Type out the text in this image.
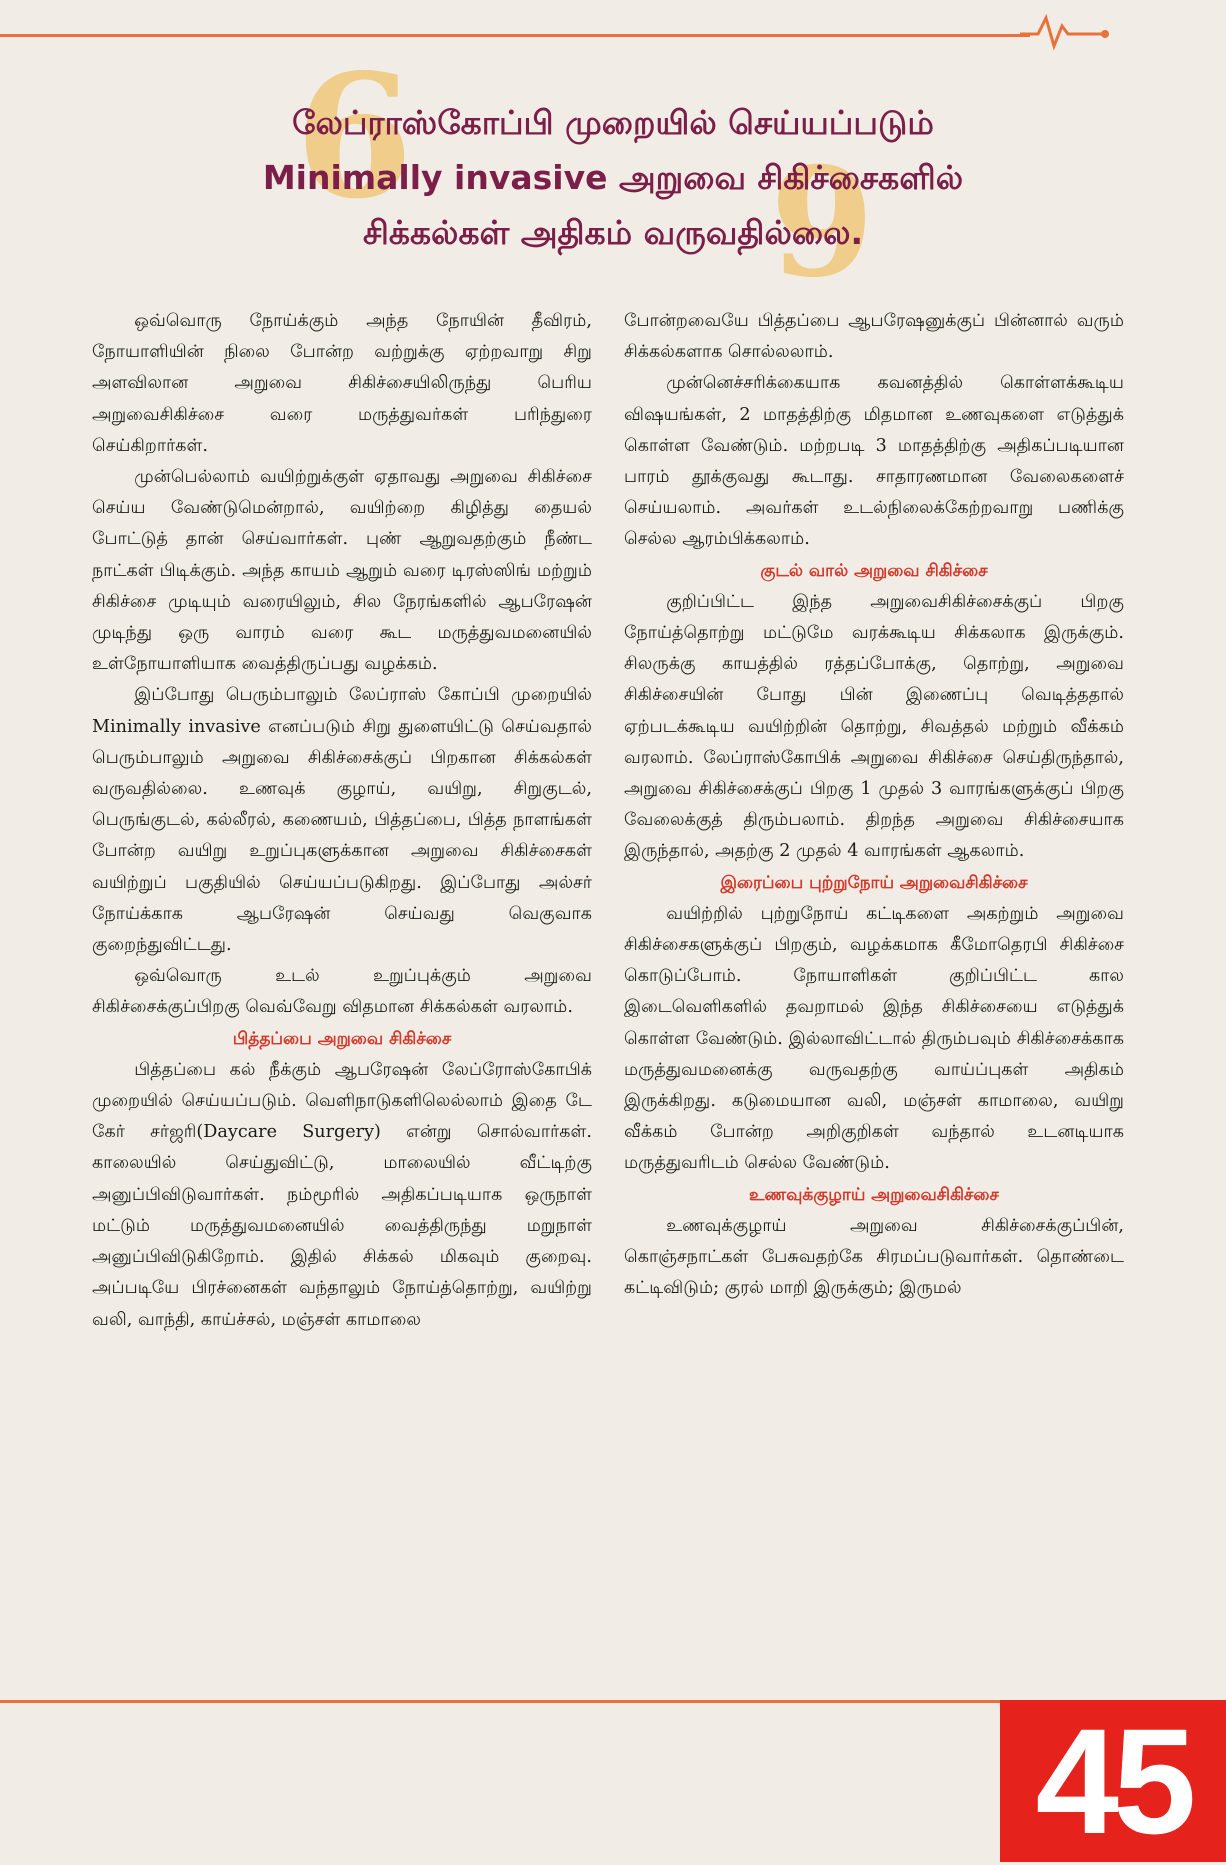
6 9
லேப்ராஸ்கோப்பி முறையில் செய்யப்படும்
Minimally invasive அறுவை சிகிச்சைகளில்
சிக்கல்கள் அதிகம் வருவதில்லை.

ஒவ்வொரு நோய்க்கும் அந்த நோயின் தீவிரம், நோயாளியின் நிலை போன்ற வற்றுக்கு ஏற்றவாறு சிறு அளவிலான அறுவை சிகிச்சையிலிருந்து பெரிய அறுவைசிகிச்சை வரை மருத்துவர்கள் பரிந்துரை செய்கிறார்கள்.

முன்பெல்லாம் வயிற்றுக்குள் ஏதாவது அறுவை சிகிச்சை செய்ய வேண்டுமென்றால், வயிற்றை கிழித்து தையல் போட்டுத் தான் செய்வார்கள். புண் ஆறுவதற்கும் நீண்ட நாட்கள் பிடிக்கும். அந்த காயம் ஆறும் வரை டிரஸ்ஸிங் மற்றும் சிகிச்சை முடியும் வரையிலும், சில நேரங்களில் ஆபரேஷன் முடிந்து ஒரு வாரம் வரை கூட மருத்துவமனையில் உள்நோயாளியாக வைத்திருப்பது வழக்கம்.

இப்போது பெரும்பாலும் லேப்ராஸ் கோப்பி முறையில் Minimally invasive எனப்படும் சிறு துளையிட்டு செய்வதால் பெரும்பாலும் அறுவை சிகிச்சைக்குப் பிறகான சிக்கல்கள் வருவதில்லை. உணவுக் குழாய், வயிறு, சிறுகுடல், பெருங்குடல், கல்லீரல், கணையம், பித்தப்பை, பித்த நாளங்கள் போன்ற வயிறு உறுப்புகளுக்கான அறுவை சிகிச்சைகள் வயிற்றுப் பகுதியில் செய்யப்படுகிறது. இப்போது அல்சர் நோய்க்காக ஆபரேஷன் செய்வது வெகுவாக குறைந்துவிட்டது.

ஒவ்வொரு உடல் உறுப்புக்கும் அறுவை சிகிச்சைக்குப்பிறகு வெவ்வேறு விதமான சிக்கல்கள் வரலாம்.

பித்தப்பை அறுவை சிகிச்சை

பித்தப்பை கல் நீக்கும் ஆபரேஷன் லேப்ரோஸ்கோபிக் முறையில் செய்யப்படும். வெளிநாடுகளிலெல்லாம் இதை டே கேர் சர்ஜரி(Daycare Surgery) என்று சொல்வார்கள். காலையில் செய்துவிட்டு, மாலையில் வீட்டிற்கு அனுப்பிவிடுவார்கள். நம்மூரில் அதிகப்படியாக ஒருநாள் மட்டும் மருத்துவமனையில் வைத்திருந்து மறுநாள் அனுப்பிவிடுகிறோம். இதில் சிக்கல் மிகவும் குறைவு. அப்படியே பிரச்னைகள் வந்தாலும் நோய்த்தொற்று, வயிற்று வலி, வாந்தி, காய்ச்சல், மஞ்சள் காமாலை

போன்றவையே பித்தப்பை ஆபரேஷனுக்குப் பின்னால் வரும் சிக்கல்களாக சொல்லலாம்.

முன்னெச்சரிக்கையாக கவனத்தில் கொள்ளக்கூடிய விஷயங்கள், 2 மாதத்திற்கு மிதமான உணவுகளை எடுத்துக் கொள்ள வேண்டும். மற்றபடி 3 மாதத்திற்கு அதிகப்படியான பாரம் தூக்குவது கூடாது. சாதாரணமான வேலைகளைச் செய்யலாம். அவர்கள் உடல்நிலைக்கேற்றவாறு பணிக்கு செல்ல ஆரம்பிக்கலாம்.

குடல் வால் அறுவை சிகிச்சை

குறிப்பிட்ட இந்த அறுவைசிகிச்சைக்குப் பிறகு நோய்த்தொற்று மட்டுமே வரக்கூடிய சிக்கலாக இருக்கும். சிலருக்கு காயத்தில் ரத்தப்போக்கு, தொற்று, அறுவை சிகிச்சையின் போது பின் இணைப்பு வெடித்ததால் ஏற்படக்கூடிய வயிற்றின் தொற்று, சிவத்தல் மற்றும் வீக்கம் வரலாம். லேப்ராஸ்கோபிக் அறுவை சிகிச்சை செய்திருந்தால், அறுவை சிகிச்சைக்குப் பிறகு 1 முதல் 3 வாரங்களுக்குப் பிறகு வேலைக்குத் திரும்பலாம். திறந்த அறுவை சிகிச்சையாக இருந்தால், அதற்கு 2 முதல் 4 வாரங்கள் ஆகலாம்.

இரைப்பை புற்றுநோய் அறுவைசிகிச்சை

வயிற்றில் புற்றுநோய் கட்டிகளை அகற்றும் அறுவை சிகிச்சைகளுக்குப் பிறகும், வழக்கமாக கீமோதெரபி சிகிச்சை கொடுப்போம். நோயாளிகள் குறிப்பிட்ட கால இடைவெளிகளில் தவறாமல் இந்த சிகிச்சையை எடுத்துக் கொள்ள வேண்டும். இல்லாவிட்டால் திரும்பவும் சிகிச்சைக்காக மருத்துவமனைக்கு வருவதற்கு வாய்ப்புகள் அதிகம் இருக்கிறது. கடுமையான வலி, மஞ்சள் காமாலை, வயிறு வீக்கம் போன்ற அறிகுறிகள் வந்தால் உடனடியாக மருத்துவரிடம் செல்ல வேண்டும்.

உணவுக்குழாய் அறுவைசிகிச்சை

உணவுக்குழாய் அறுவை சிகிச்சைக்குப்பின், கொஞ்சநாட்கள் பேசுவதற்கே சிரமப்படுவார்கள். தொண்டை கட்டிவிடும்; குரல் மாறி இருக்கும்; இருமல்

45
